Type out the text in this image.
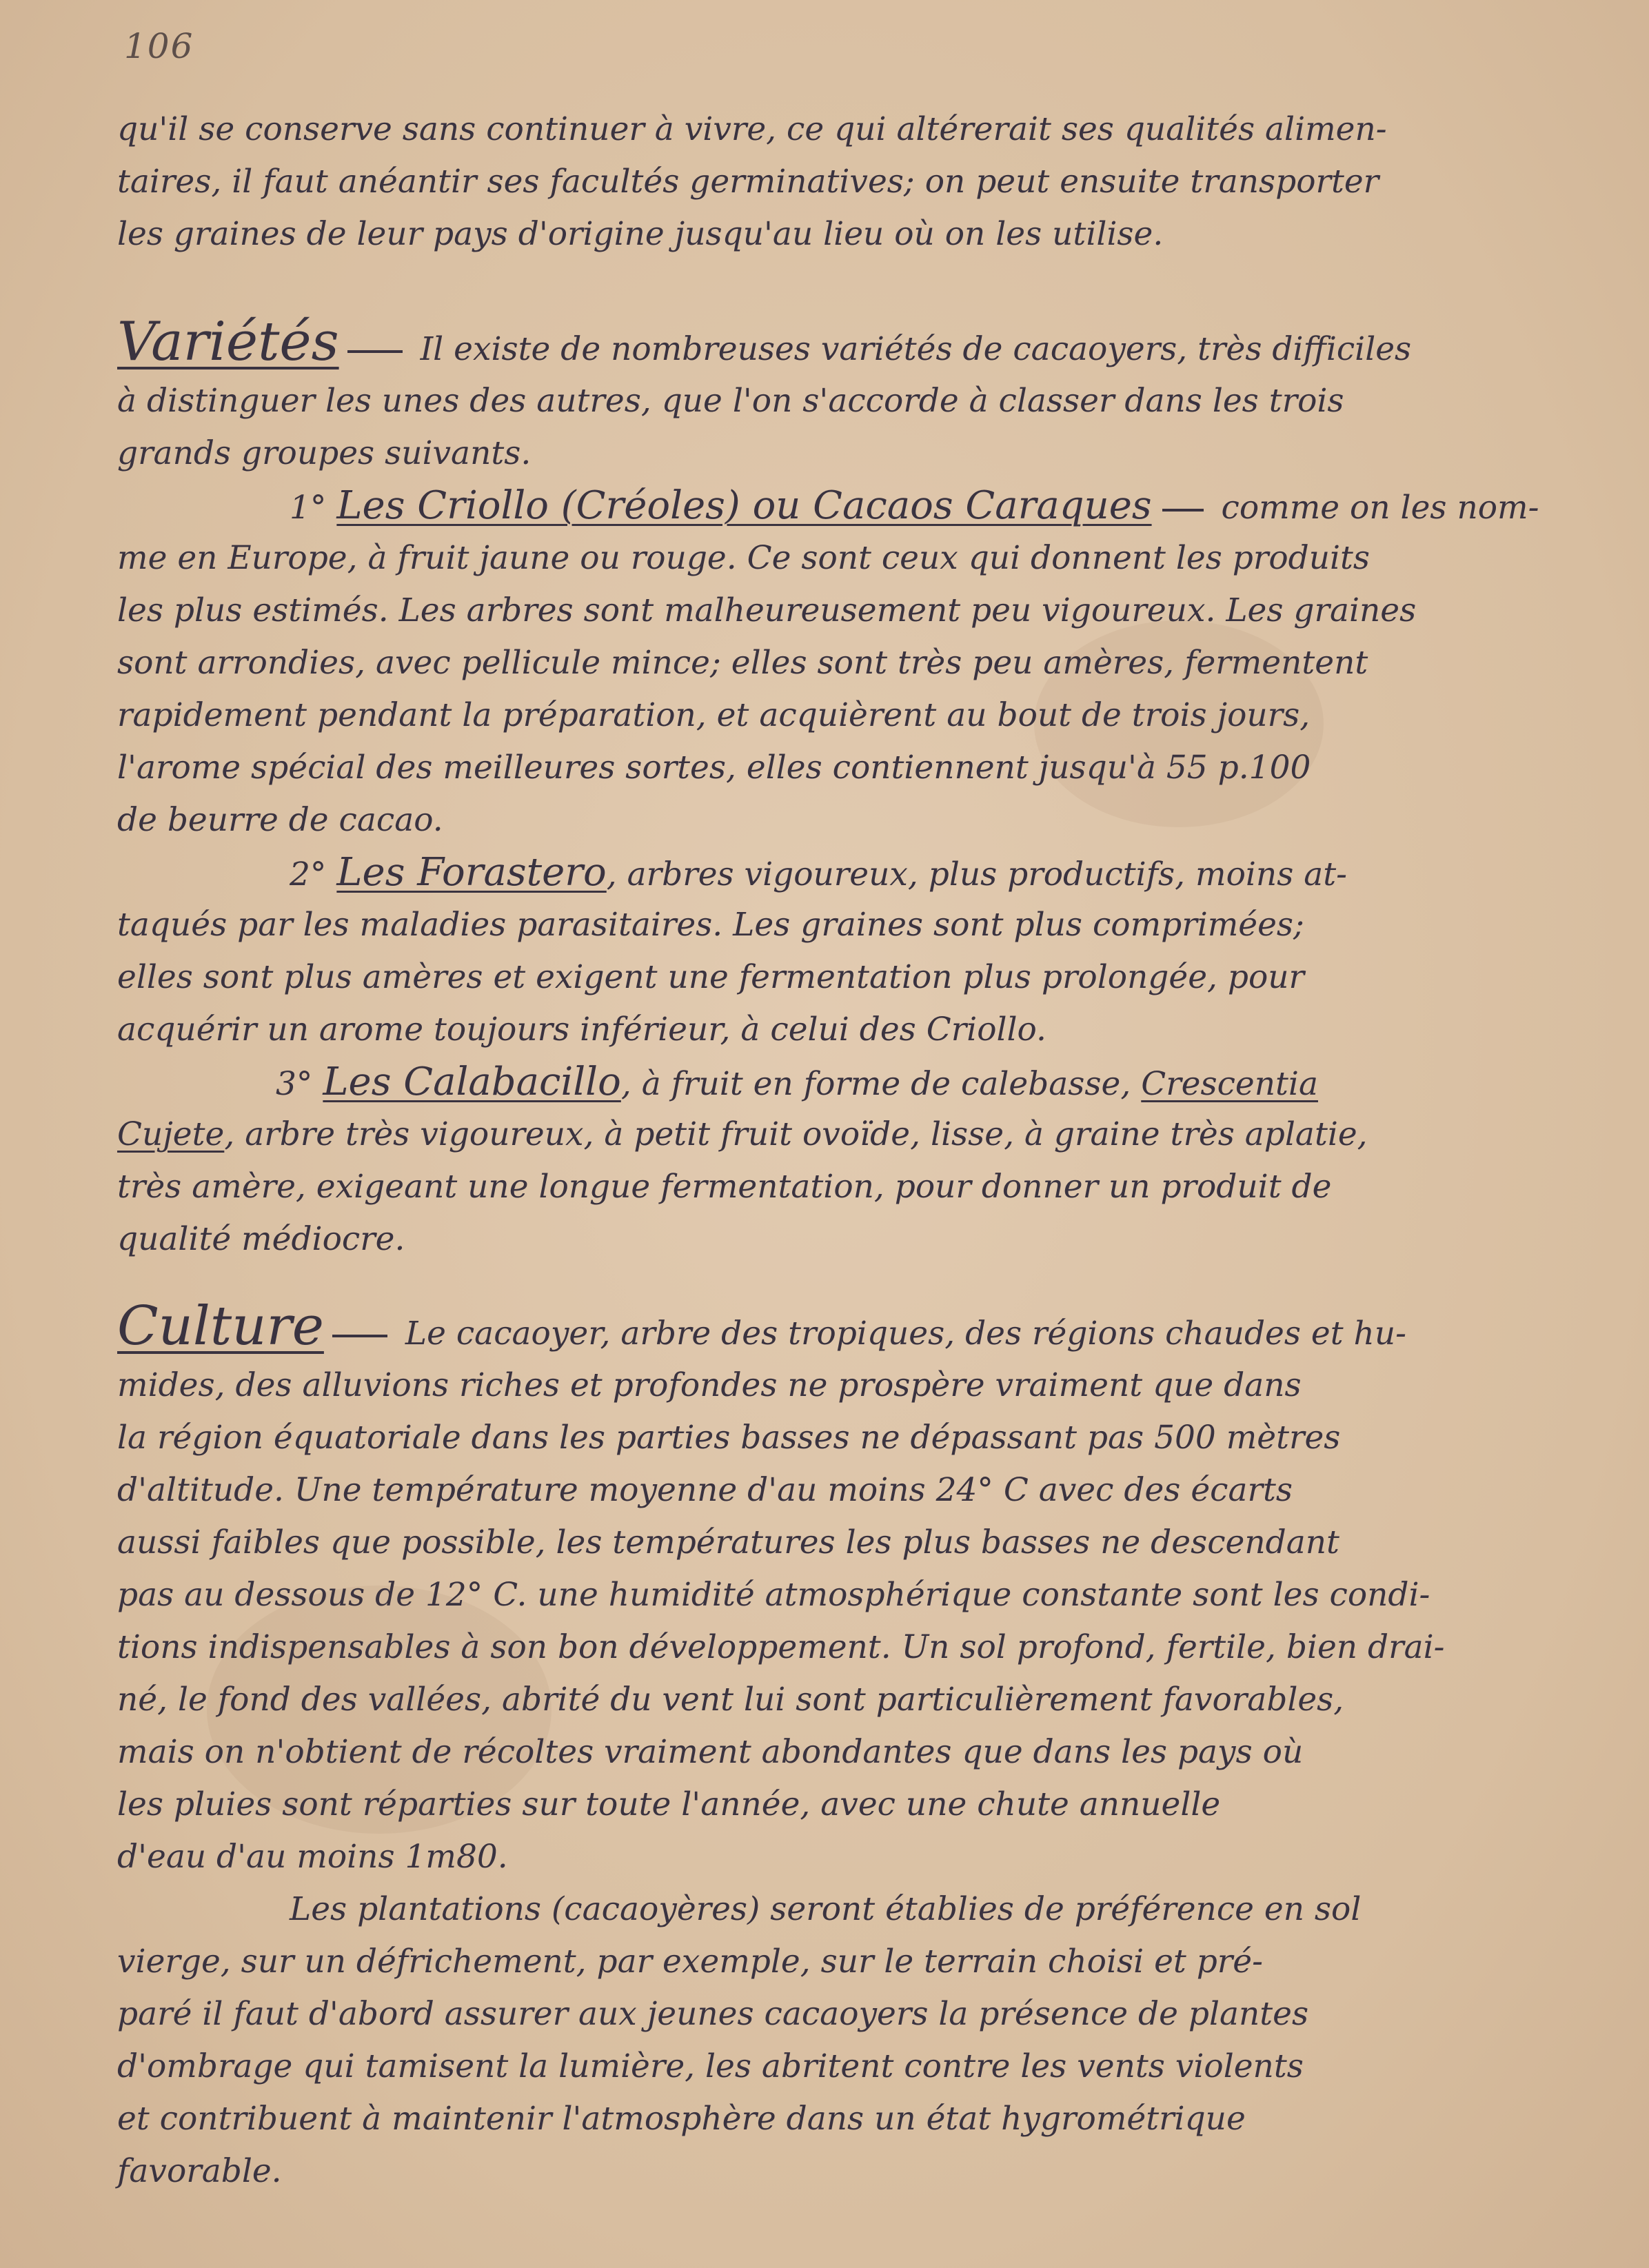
106
qu'il se conserve sans continuer à vivre, ce qui altérerait ses qualités alimen-
taires, il faut anéantir ses facultés germinatives; on peut ensuite transporter
les graines de leur pays d'origine jusqu'au lieu où on les utilise.
Variétés	Il existe de nombreuses variétés de cacaoyers, très difficiles
à distinguer les unes des autres, que l'on s'accorde à classer dans les trois
grands groupes suivants.
1° Les Criollo (Créoles) ou Cacaos Caraques comme on les nom-
me en Europe, à fruit jaune ou rouge. Ce sont ceux qui donnent les produits
les plus estimés. Les arbres sont malheureusement peu vigoureux. Les graines
sont arrondies, avec pellicule mince; elles sont très peu amères, fermentent
rapidement pendant la préparation, et acquièrent au bout de trois jours,
l'arome spécial des meilleures sortes, elles contiennent jusqu'à 55 p.100
de beurre de cacao.
2° Les Forastero, arbres vigoureux, plus productifs, moins at-
taqués par les maladies parasitaires. Les graines sont plus comprimées;
elles sont plus amères et exigent une fermentation plus prolongée, pour
acquérir un arome toujours inférieur, à celui des Criollo.
3° Les Calabacillo, à fruit en forme de calebasse, Crescentia
Cujete, arbre très vigoureux, à petit fruit ovoïde, lisse, à graine très aplatie,
très amère, exigeant une longue fermentation, pour donner un produit de
qualité médiocre.
Culture	Le cacaoyer, arbre des tropiques, des régions chaudes et hu-
mides, des alluvions riches et profondes ne prospère vraiment que dans
la région équatoriale dans les parties basses ne dépassant pas 500 mètres
d'altitude. Une température moyenne d'au moins 24° C avec des écarts
aussi faibles que possible, les températures les plus basses ne descendant
pas au dessous de 12° C. une humidité atmosphérique constante sont les condi-
tions indispensables à son bon développement. Un sol profond, fertile, bien drai-
né, le fond des vallées, abrité du vent lui sont particulièrement favorables,
mais on n'obtient de récoltes vraiment abondantes que dans les pays où
les pluies sont réparties sur toute l'année, avec une chute annuelle
d'eau d'au moins 1m80.
Les plantations (cacaoyères) seront établies de préférence en sol
vierge, sur un défrichement, par exemple, sur le terrain choisi et pré-
paré il faut d'abord assurer aux jeunes cacaoyers la présence de plantes
d'ombrage qui tamisent la lumière, les abritent contre les vents violents
et contribuent à maintenir l'atmosphère dans un état hygrométrique
favorable.
